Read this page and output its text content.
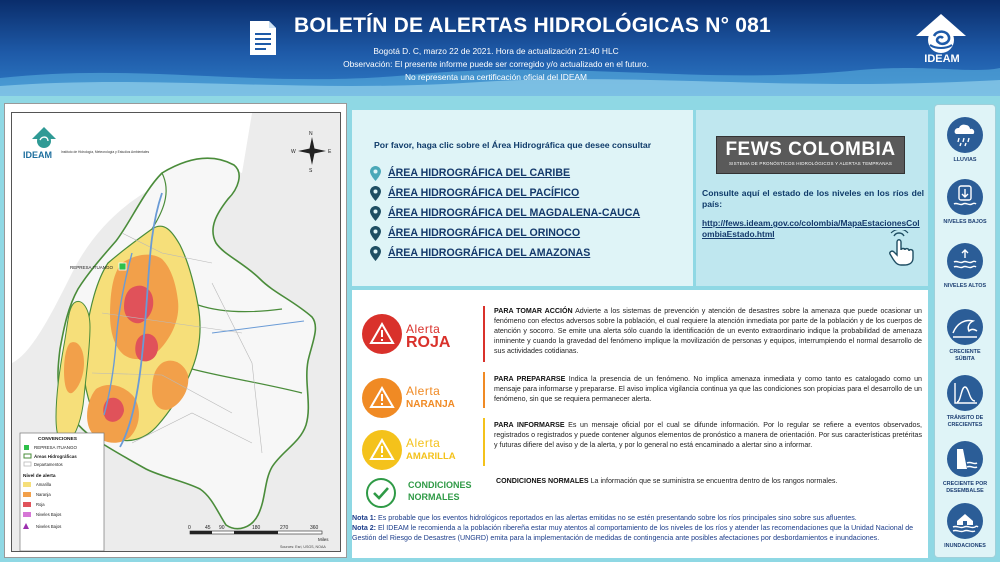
BOLETÍN DE ALERTAS HIDROLÓGICAS N° 081
Bogotá D. C, marzo 22 de 2021. Hora de actualización 21:40 HLC
Observación: El presente informe puede ser corregido y/o actualizado en el futuro.
No representa una certificación oficial del IDEAM
IDEAM
REPRESA ITUANGO
N
S
E
W
IDEAM	Instituto de Hidrología, Meteorología y Estudios Ambientales
CONVENCIONES
REPRESA ITUANGO
Áreas Hidrográficas
Departamentos
Nivel de alerta
Amarilla
Naranja
Roja
Niveles Bajos
Niveles Bajos	0	45 90	180	270	360
Miles
Sources: Esri, USGS, NOAA
Por favor, haga clic sobre el Área Hidrográfica que desee consultar
ÁREA HIDROGRÁFICA DEL CARIBE
ÁREA HIDROGRÁFICA DEL PACÍFICO
ÁREA HIDROGRÁFICA DEL MAGDALENA-CAUCA
ÁREA HIDROGRÁFICA DEL ORINOCO
ÁREA HIDROGRÁFICA DEL AMAZONAS
FEWS COLOMBIA
SISTEMA DE PRONÓSTICOS HIDROLÓGICOS Y ALERTAS TEMPRANAS
Consulte aquí el estado de los niveles en los ríos del país:
http://fews.ideam.gov.co/colombia/MapaEstacionesColombiaEstado.html
Alerta
ROJA
PARA TOMAR ACCIÓN Advierte a los sistemas de prevención y atención de desastres sobre la amenaza que puede ocasionar un fenómeno con efectos adversos sobre la población, el cual requiere la atención inmediata por parte de la población y de los cuerpos de atención y socorro. Se emite una alerta sólo cuando la identificación de un evento extraordinario indique la probabilidad de amenaza inminente y cuando la gravedad del fenómeno implique la movilización de personas y equipos, interrumpiendo el normal desarrollo de sus actividades cotidianas.
Alerta
NARANJA
PARA PREPARARSE Indica la presencia de un fenómeno. No implica amenaza inmediata y como tanto es catalogado como un mensaje para informarse y prepararse. El aviso implica vigilancia continua ya que las condiciones son propicias para el desarrollo de un fenómeno, sin que se requiera permanecer alerta.
Alerta
AMARILLA
PARA INFORMARSE Es un mensaje oficial por el cual se difunde información. Por lo regular se refiere a eventos observados, registrados o registrados y puede contener algunos elementos de pronóstico a manera de orientación. Por sus características pretéritas y futuras difiere del aviso y de la alerta, y por lo general no está encaminado a alertar sino a informar.
CONDICIONES
NORMALES
CONDICIONES NORMALES La información que se suministra se encuentra dentro de los rangos normales.
Nota 1: Es probable que los eventos hidrológicos reportados en las alertas emitidas no se estén presentando sobre los ríos principales sino sobre sus afluentes.
Nota 2: El IDEAM le recomienda a la población ribereña estar muy atentos al comportamiento de los niveles de los ríos y atender las recomendaciones que la Unidad Nacional de Gestión del Riesgo de Desastres (UNGRD) emita para la implementación de medidas de contingencia ante posibles afectaciones por desbordamientos e inundaciones.
LLUVIAS
NIVELES BAJOS
NIVELES ALTOS
CRECIENTE SÚBITA
TRÁNSITO DE CRECIENTES
CRECIENTE POR DESEMBALSE
INUNDACIONES
